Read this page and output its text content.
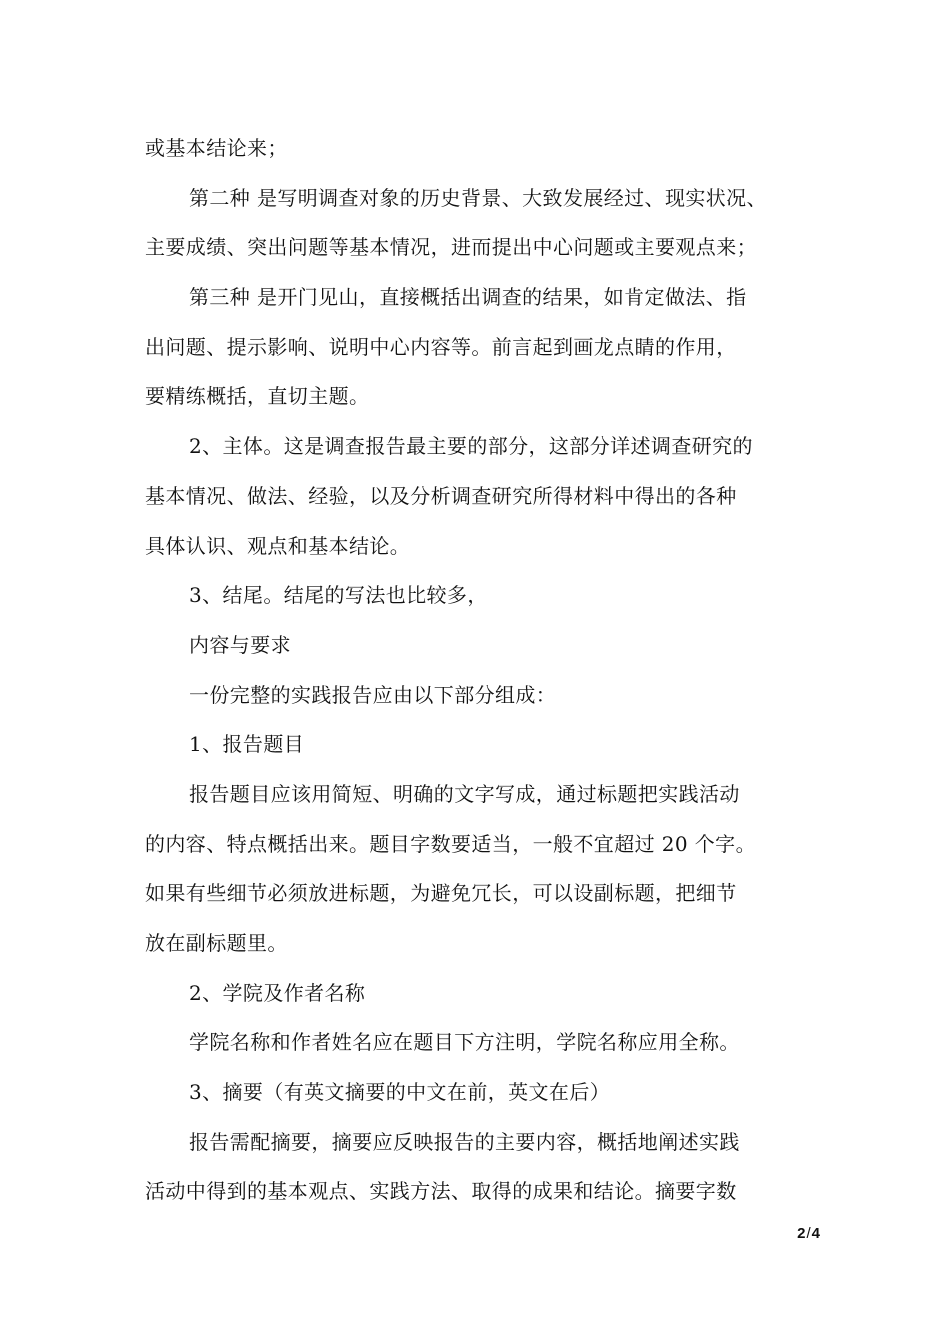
或基本结论来；
第二种 是写明调查对象的历史背景、大致发展经过、现实状况、
主要成绩、突出问题等基本情况，进而提出中心问题或主要观点来；
第三种 是开门见山，直接概括出调查的结果，如肯定做法、指
出问题、提示影响、说明中心内容等。前言起到画龙点睛的作用，
要精练概括，直切主题。
2、主体。这是调查报告最主要的部分，这部分详述调查研究的
基本情况、做法、经验，以及分析调查研究所得材料中得出的各种
具体认识、观点和基本结论。
3、结尾。结尾的写法也比较多，
内容与要求
一份完整的实践报告应由以下部分组成：
1、报告题目
报告题目应该用简短、明确的文字写成，通过标题把实践活动
的内容、特点概括出来。题目字数要适当，一般不宜超过 20 个字。
如果有些细节必须放进标题，为避免冗长，可以设副标题，把细节
放在副标题里。
2、学院及作者名称
学院名称和作者姓名应在题目下方注明，学院名称应用全称。
3、摘要（有英文摘要的中文在前，英文在后）
报告需配摘要，摘要应反映报告的主要内容，概括地阐述实践
活动中得到的基本观点、实践方法、取得的成果和结论。摘要字数
2/4
